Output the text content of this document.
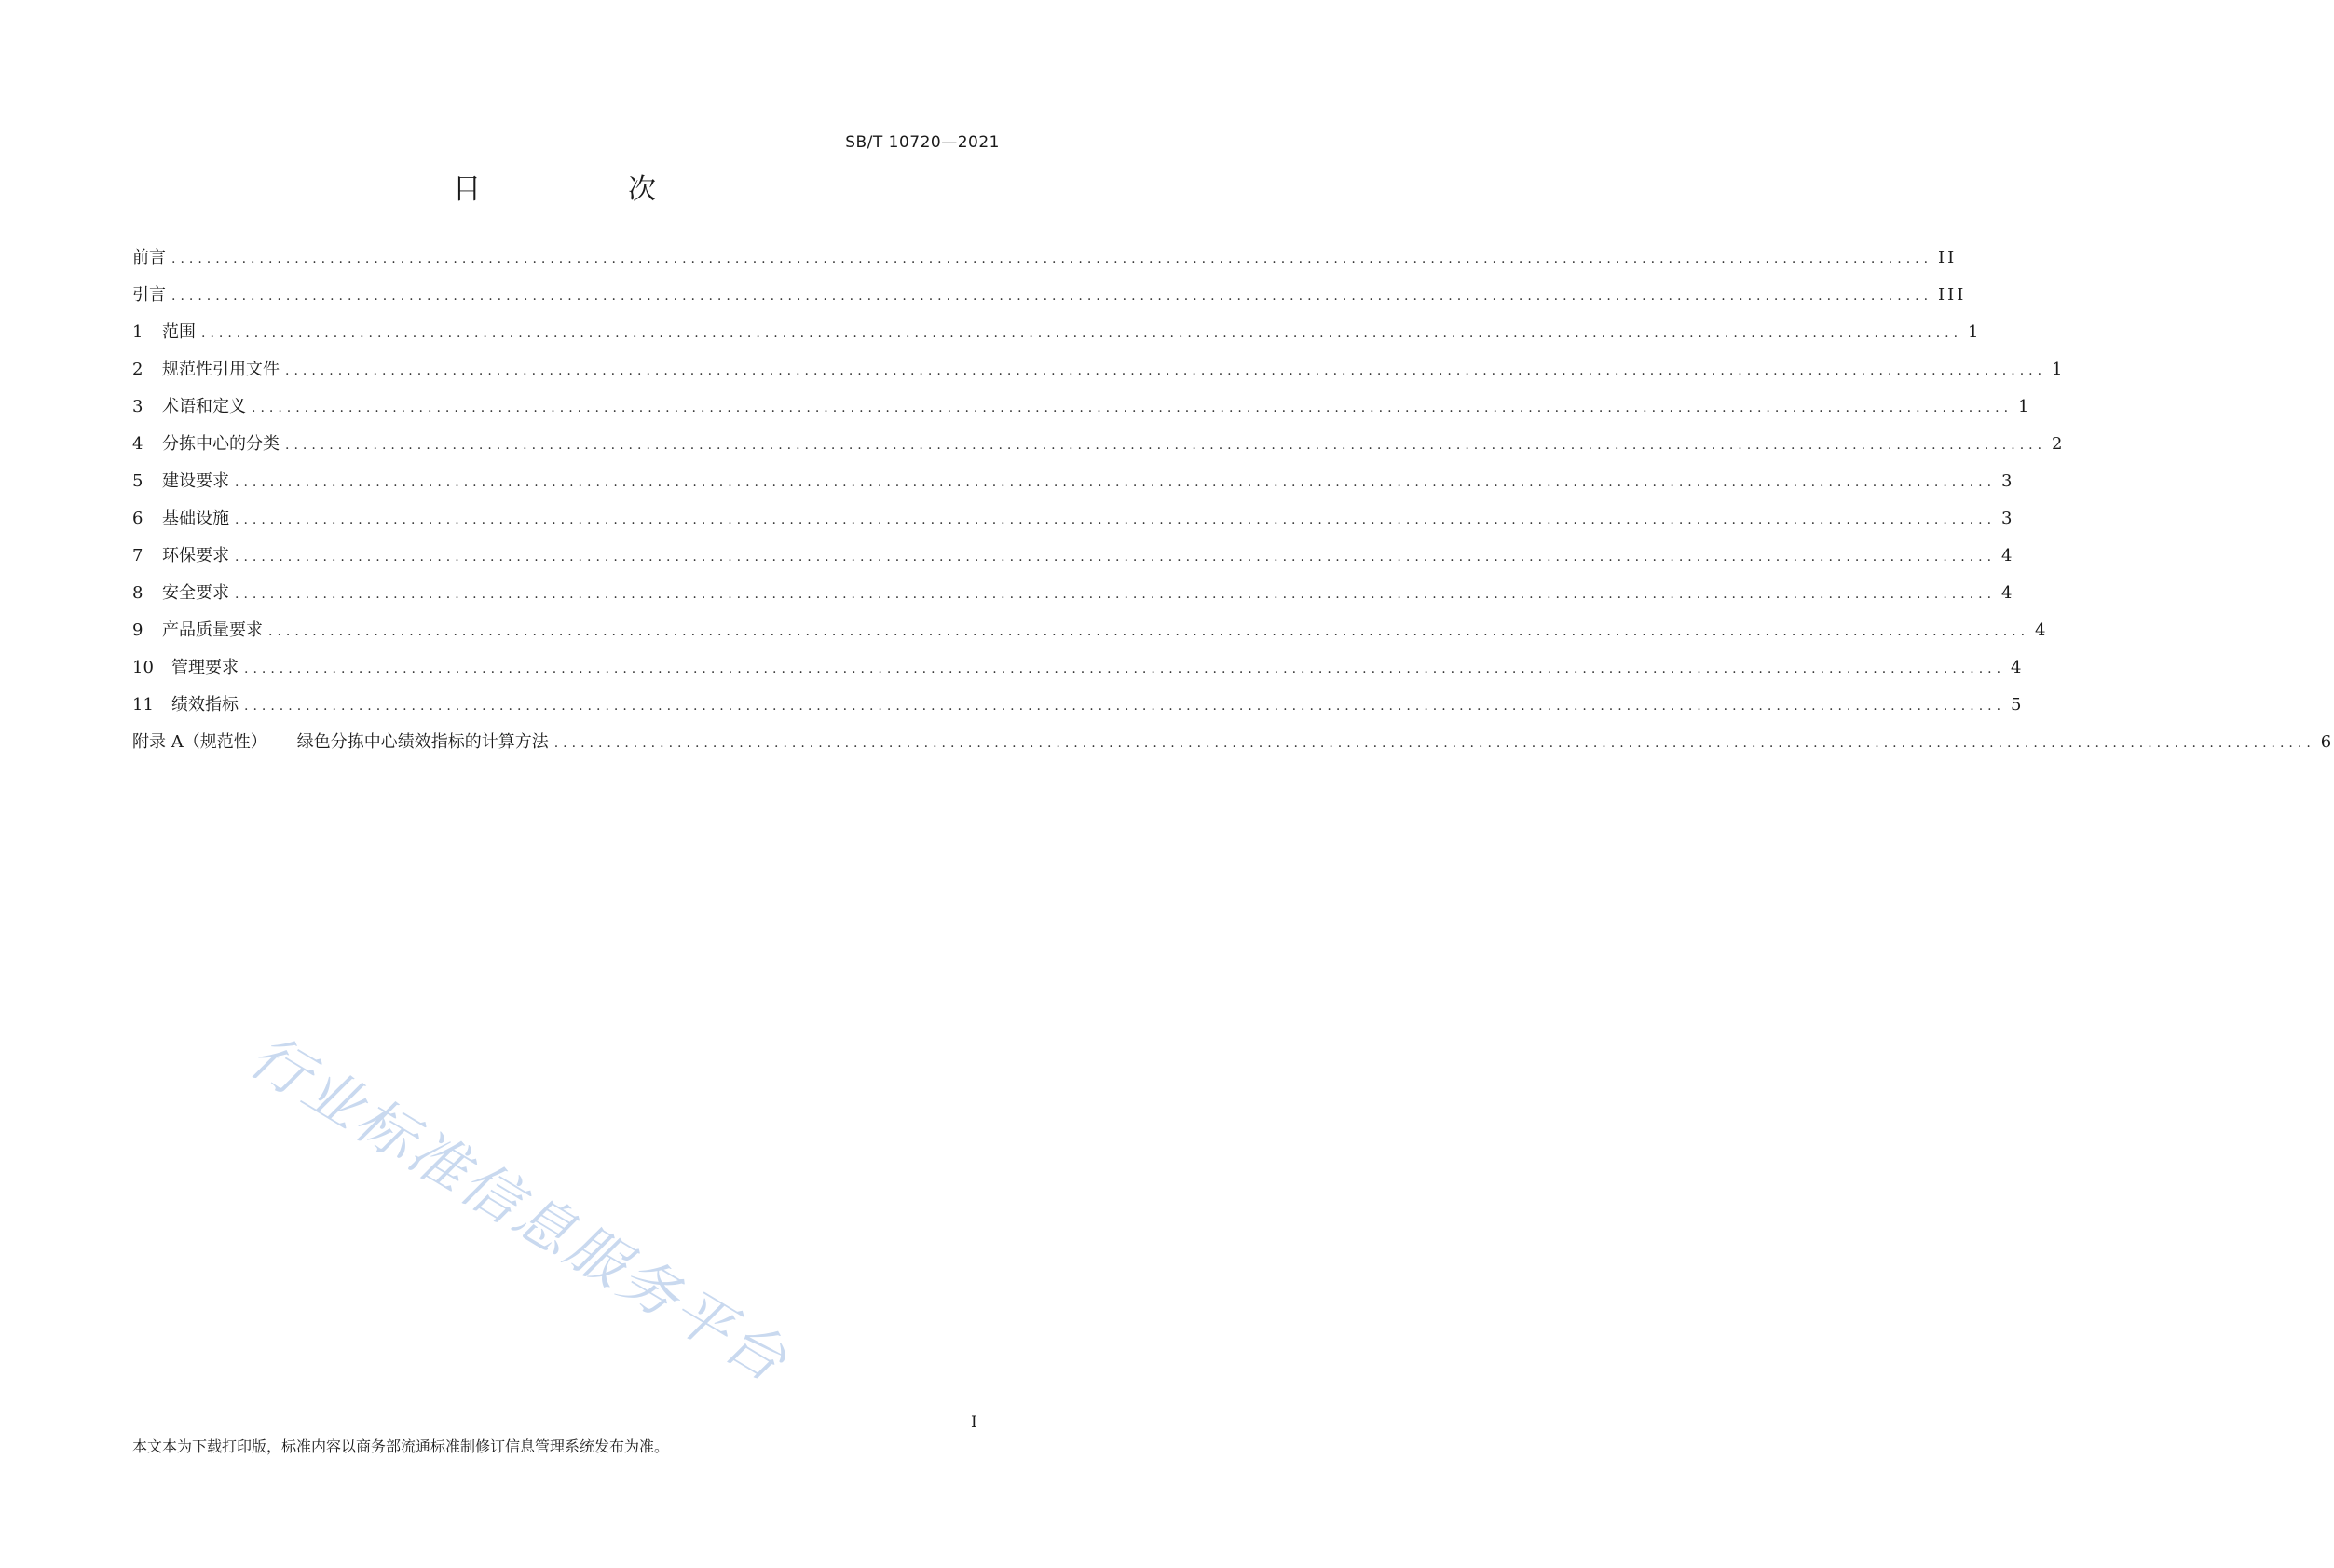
SB/T 10720—2021
目　次
前言 ........................................................................................................................................................................................................ II
引言 ........................................................................................................................................................................................................ III
1	范围 ........................................................................................................................................................................................................ 1
2	规范性引用文件 ........................................................................................................................................................................................................ 1
3	术语和定义 ........................................................................................................................................................................................................ 1
4	分拣中心的分类 ........................................................................................................................................................................................................ 2
5	建设要求 ........................................................................................................................................................................................................ 3
6	基础设施 ........................................................................................................................................................................................................ 3
7	环保要求 ........................................................................................................................................................................................................ 4
8	安全要求 ........................................................................................................................................................................................................ 4
9	产品质量要求 ........................................................................................................................................................................................................ 4
10	管理要求 ........................................................................................................................................................................................................ 4
11	绩效指标 ........................................................................................................................................................................................................ 5
附录 A（规范性） 绿色分拣中心绩效指标的计算方法 ........................................................................................................................................................................................................ 6
行业标准信息服务平台
I
本文本为下载打印版，标准内容以商务部流通标准制修订信息管理系统发布为准。
